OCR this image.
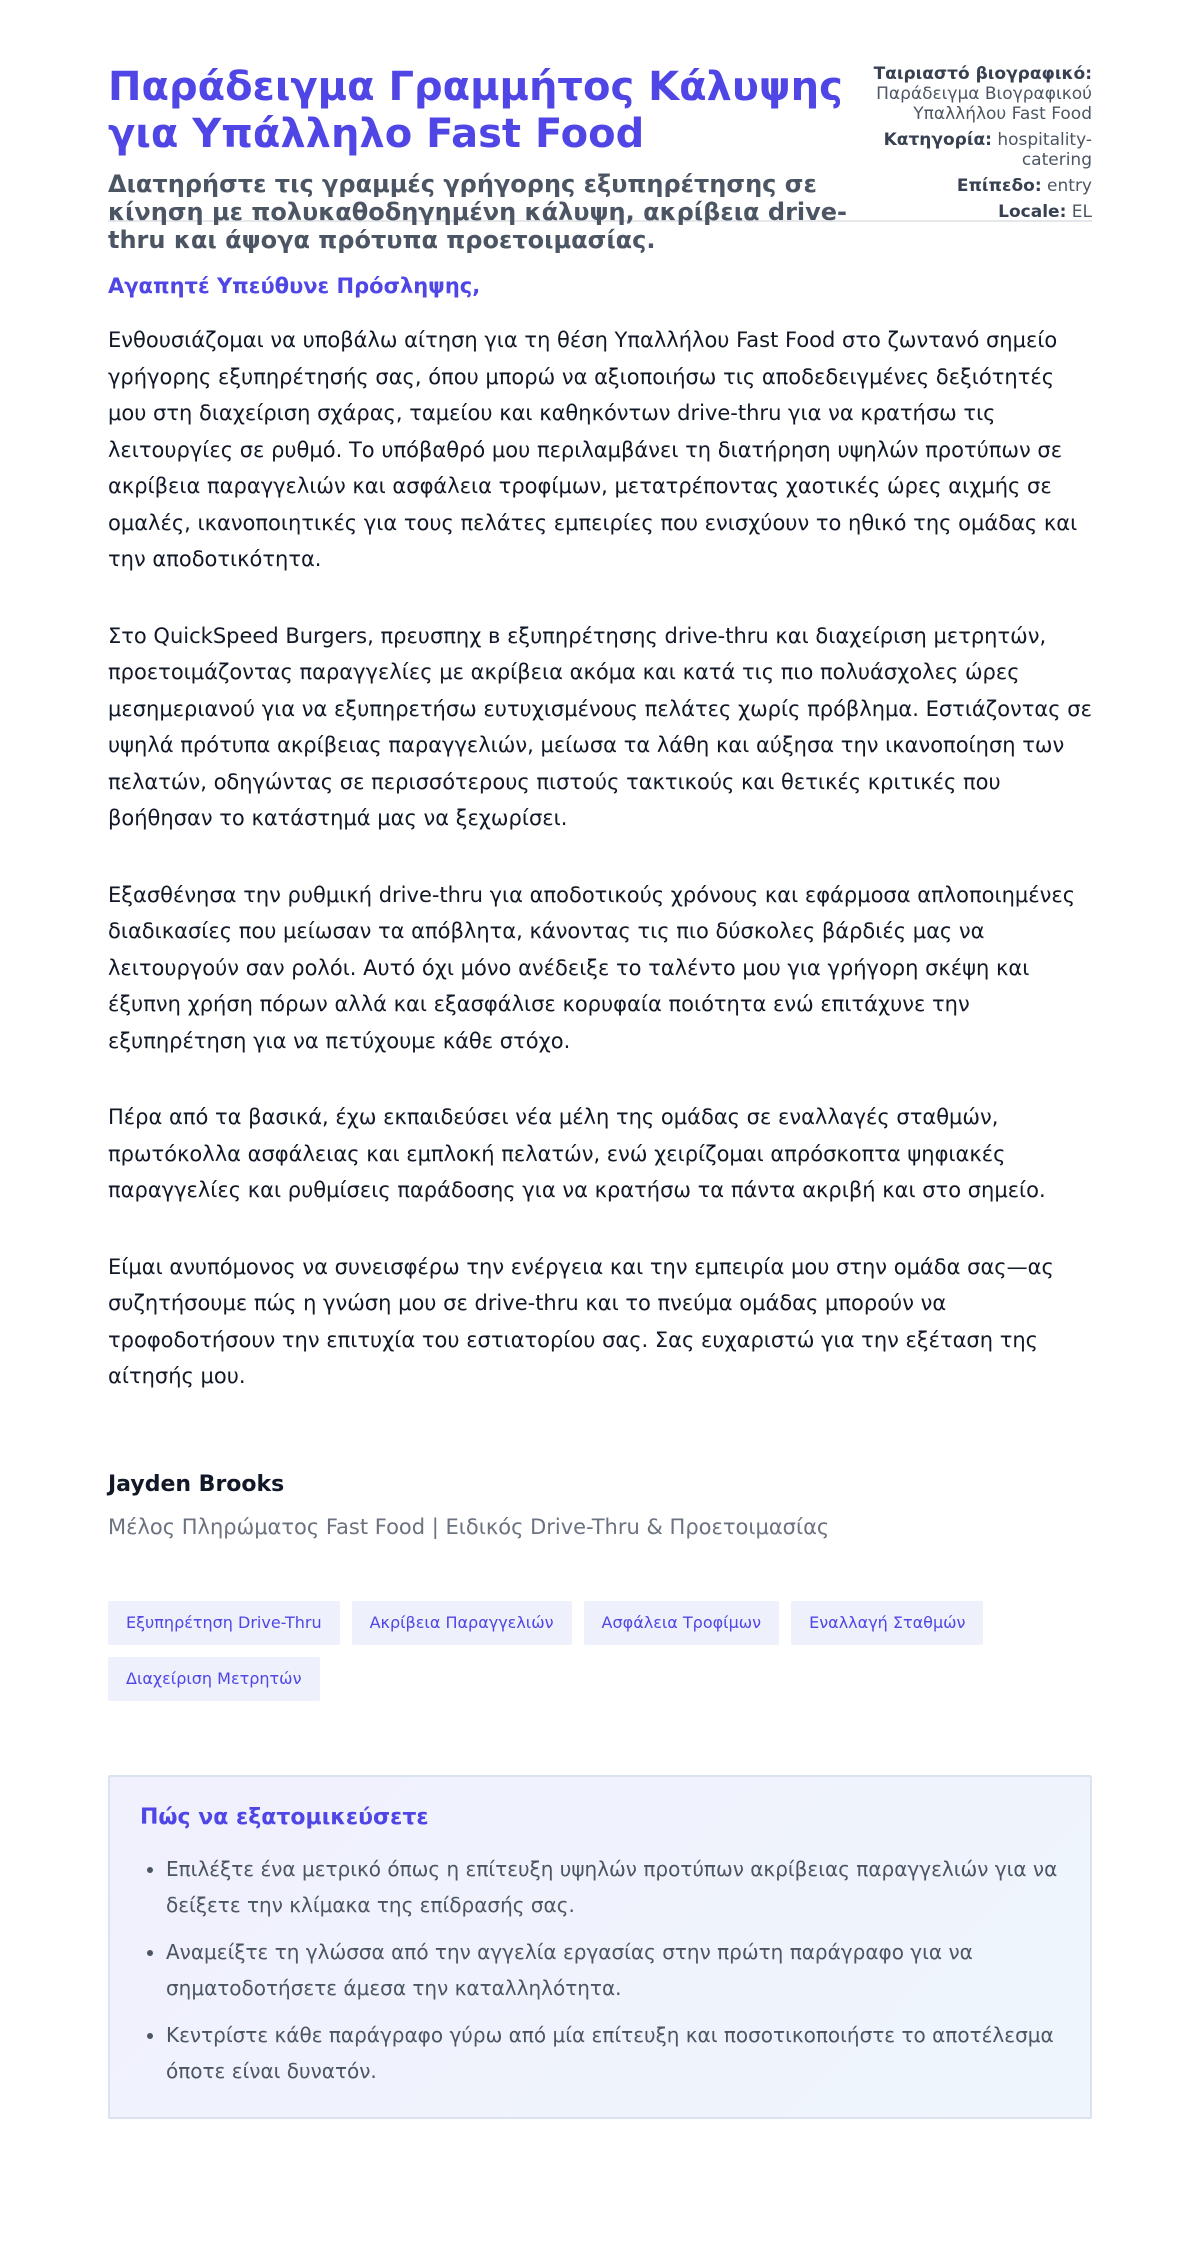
Παράδειγμα Γραμμήτος Κάλυψης για Υπάλληλο Fast Food
Διατηρήστε τις γραμμές γρήγορης εξυπηρέτησης σε κίνηση με πολυκαθοδηγημένη κάλυψη, ακρίβεια drive-thru και άψογα πρότυπα προετοιμασίας.
Ταιριαστό βιογραφικό: Παράδειγμα Βιογραφικού Υπαλλήλου Fast Food
Κατηγορία: hospitality-catering
Επίπεδο: entry
Locale: EL
Αγαπητέ Υπεύθυνε Πρόσληψης,

Ενθουσιάζομαι να υποβάλω αίτηση για τη θέση Υπαλλήλου Fast Food στο ζωντανό σημείο γρήγορης εξυπηρέτησής σας, όπου μπορώ να αξιοποιήσω τις αποδεδειγμένες δεξιότητές μου στη διαχείριση σχάρας, ταμείου και καθηκόντων drive-thru για να κρατήσω τις λειτουργίες σε ρυθμό. Το υπόβαθρό μου περιλαμβάνει τη διατήρηση υψηλών προτύπων σε ακρίβεια παραγγελιών και ασφάλεια τροφίμων, μετατρέποντας χαοτικές ώρες αιχμής σε ομαλές, ικανοποιητικές για τους πελάτες εμπειρίες που ενισχύουν το ηθικό της ομάδας και την αποδοτικότητα.

Στο QuickSpeed Burgers, πρευσπηχ в εξυπηρέτησης drive-thru και διαχείριση μετρητών, προετοιμάζοντας παραγγελίες με ακρίβεια ακόμα και κατά τις πιο πολυάσχολες ώρες μεσημεριανού για να εξυπηρετήσω ευτυχισμένους πελάτες χωρίς πρόβλημα. Εστιάζοντας σε υψηλά πρότυπα ακρίβειας παραγγελιών, μείωσα τα λάθη και αύξησα την ικανοποίηση των πελατών, οδηγώντας σε περισσότερους πιστούς τακτικούς και θετικές κριτικές που βοήθησαν το κατάστημά μας να ξεχωρίσει.

Εξασθένησα την ρυθμική drive-thru για αποδοτικούς χρόνους και εφάρμοσα απλοποιημένες διαδικασίες που μείωσαν τα απόβλητα, κάνοντας τις πιο δύσκολες βάρδιές μας να λειτουργούν σαν ρολόι. Αυτό όχι μόνο ανέδειξε το ταλέντο μου για γρήγορη σκέψη και έξυπνη χρήση πόρων αλλά και εξασφάλισε κορυφαία ποιότητα ενώ επιτάχυνε την εξυπηρέτηση για να πετύχουμε κάθε στόχο.

Πέρα από τα βασικά, έχω εκπαιδεύσει νέα μέλη της ομάδας σε εναλλαγές σταθμών, πρωτόκολλα ασφάλειας και εμπλοκή πελατών, ενώ χειρίζομαι απρόσκοπτα ψηφιακές παραγγελίες και ρυθμίσεις παράδοσης για να κρατήσω τα πάντα ακριβή και στο σημείο.

Είμαι ανυπόμονος να συνεισφέρω την ενέργεια και την εμπειρία μου στην ομάδα σας—ας συζητήσουμε πώς η γνώση μου σε drive-thru και το πνεύμα ομάδας μπορούν να τροφοδοτήσουν την επιτυχία του εστιατορίου σας. Σας ευχαριστώ για την εξέταση της αίτησής μου.

Jayden Brooks
Μέλος Πληρώματος Fast Food | Ειδικός Drive-Thru & Προετοιμασίας
Εξυπηρέτηση Drive-Thru	Ακρίβεια Παραγγελιών	Ασφάλεια Τροφίμων	Εναλλαγή Σταθμών
Διαχείριση Μετρητών
Πώς να εξατομικεύσετε
• Επιλέξτε ένα μετρικό όπως η επίτευξη υψηλών προτύπων ακρίβειας παραγγελιών για να δείξετε την κλίμακα της επίδρασής σας.
• Αναμείξτε τη γλώσσα από την αγγελία εργασίας στην πρώτη παράγραφο για να σηματοδοτήσετε άμεσα την καταλληλότητα.
• Κεντρίστε κάθε παράγραφο γύρω από μία επίτευξη και ποσοτικοποιήστε το αποτέλεσμα όποτε είναι δυνατόν.
